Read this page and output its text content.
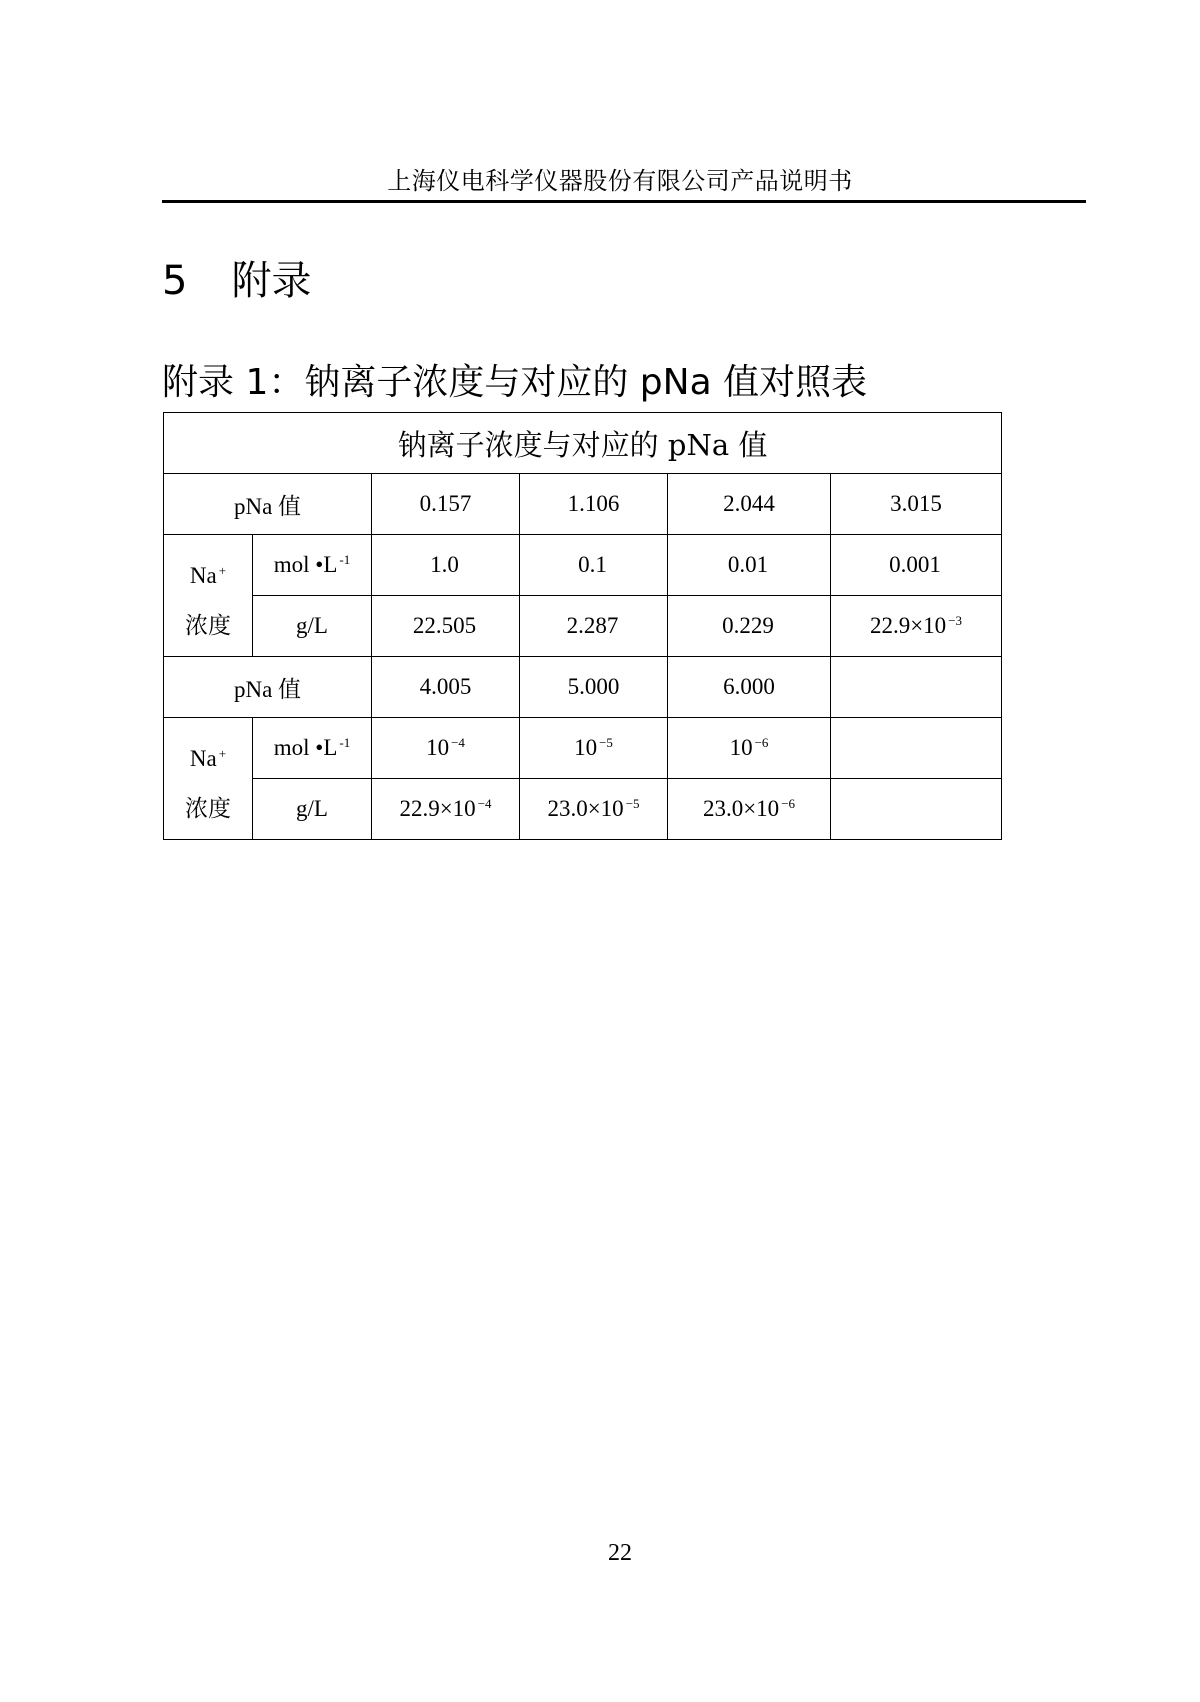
上海仪电科学仪器股份有限公司产品说明书
5 附录
附录 1：钠离子浓度与对应的 pNa 值对照表
钠离子浓度与对应的 pNa 值					
pNa 值		0.157	1.106	2.044	3.015

Na +
浓度	mol •L $^{-1}$	1.0	0.1	0.01	0.001
	g/L	22.505	2.287	0.229	22.9×10 $^{-3}$
pNa 值		4.005	5.000	6.000	

Na +
浓度	mol •L $^{-1}$	10 $^{-4}$	10 $^{-5}$	10 $^{-6}$	
	g/L	22.9×10 $^{-4}$	23.0×10 $^{-5}$	23.0×10 $^{-6}$	
22
